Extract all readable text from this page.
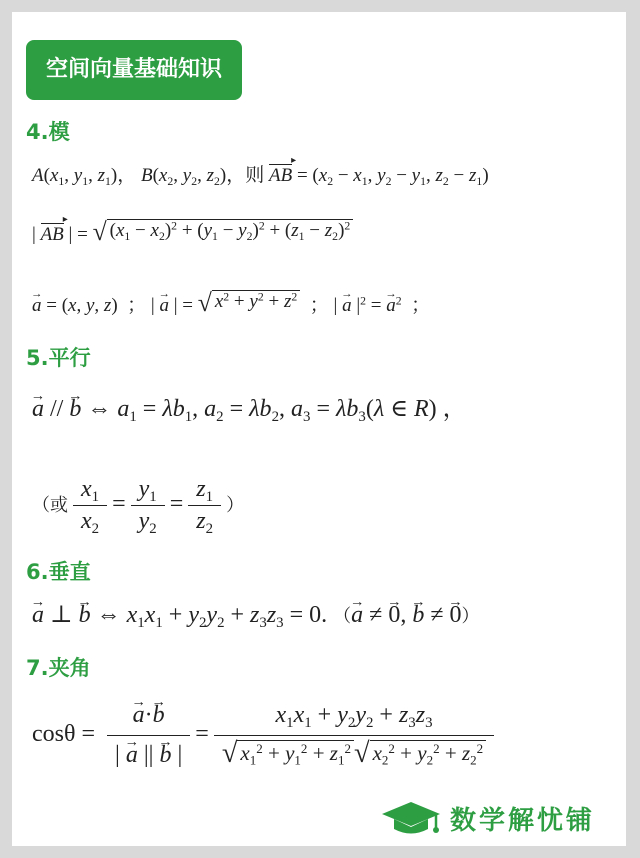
空间向量基础知识
4.模
$A(x_1$, $y_1$, $z_1$)， $B(x_2$, $y_2$, $z_2$)，则 AB ▸ = ($x_2 - x_1$, $y_2 - y_1$, $z_2 - z_1$)
| AB ▸ | = √ $(x_1 - x_2)^2 + (y_1 - y_2)^2 + (z_1 - z_2)^2$
→ a = (x, y, z)  ； | → a | = √ $x^2 + y^2 + z^2$ ； | → a $|^2$ = → $a^2$ ；
5.平行
→ a // → b ⇔ $a_1 = \lambda b_1$, $a_2 = \lambda b_2$, $a_3 = \lambda b_3(\lambda$ ∈ R) ，
（或 $\frac{x_1}{x_2} = \frac{y_1}{y_2} = \frac{z_1}{z_2}$ ）
6.垂直
→ a ⊥ → b ⇔ $x_1x_1 + y_2y_2 + z_3z_3 = 0$. （→ a ≠ → 0, → b ≠ → 0）
7.夹角
cosθ =
→ $\frac{a\cdot\to b}{| \to a || \to b |} = \frac{x_1x_1 + y_2y_2 + z_3z_3}{√ x_1^2 + y_1^2 + z_1^2 √ x_2^2 + y_2^2 + z_2^2}$
数学解忧铺
